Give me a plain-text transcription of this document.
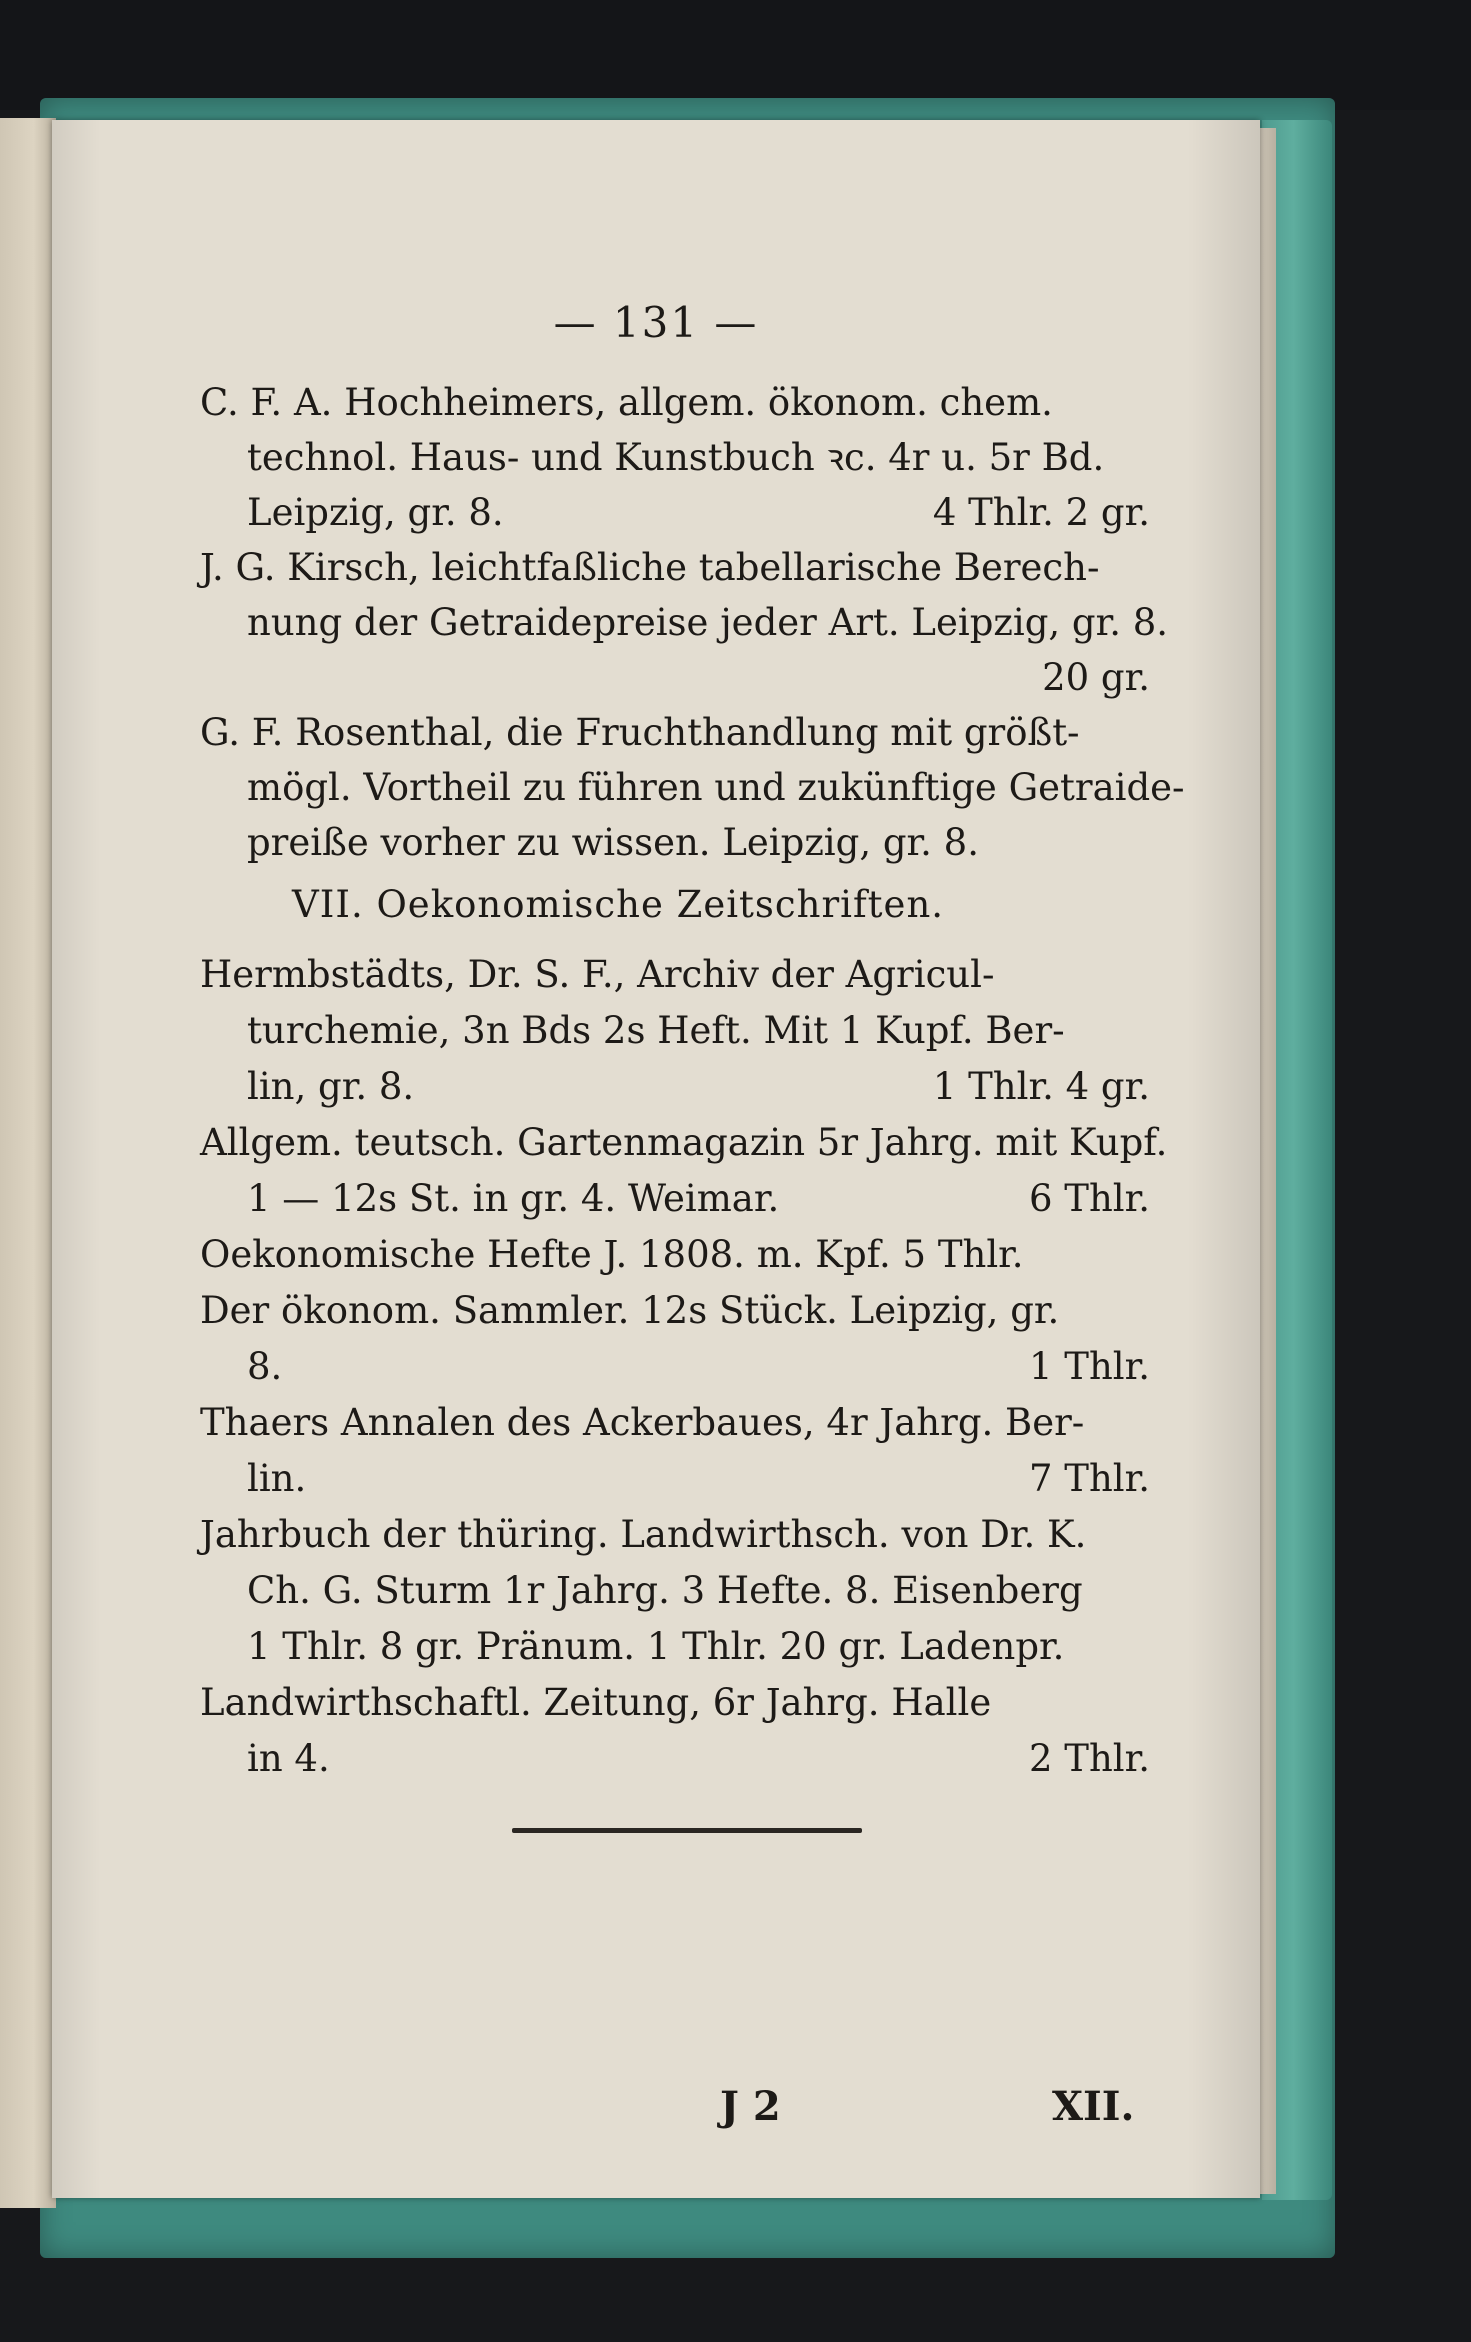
— 131 —
C. F. A. Hochheimers, allgem. ökonom. chem.
technol. Haus- und Kunstbuch ꝛc. 4r u. 5r Bd.
Leipzig, gr. 8.	4 Thlr. 2 gr.
J. G. Kirsch, leichtfaßliche tabellarische Berech-
nung der Getraidepreise jeder Art. Leipzig, gr. 8.
20 gr.
G. F. Rosenthal, die Fruchthandlung mit größt-
mögl. Vortheil zu führen und zukünftige Getraide-
preiße vorher zu wissen. Leipzig, gr. 8.
VII. Oekonomische Zeitschriften.
Hermbstädts, Dr. S. F., Archiv der Agricul-
turchemie, 3n Bds 2s Heft. Mit 1 Kupf. Ber-
lin, gr. 8.	1 Thlr. 4 gr.
Allgem. teutsch. Gartenmagazin 5r Jahrg. mit Kupf.
1 — 12s St. in gr. 4. Weimar.	6 Thlr.
Oekonomische Hefte J. 1808. m. Kpf. 5 Thlr.
Der ökonom. Sammler. 12s Stück. Leipzig, gr.
8.	1 Thlr.
Thaers Annalen des Ackerbaues, 4r Jahrg. Ber-
lin.	7 Thlr.
Jahrbuch der thüring. Landwirthsch. von Dr. K.
Ch. G. Sturm 1r Jahrg. 3 Hefte. 8. Eisenberg
1 Thlr. 8 gr. Pränum. 1 Thlr. 20 gr. Ladenpr.
Landwirthschaftl. Zeitung, 6r Jahrg. Halle
in 4.	2 Thlr.
J 2	XII.
